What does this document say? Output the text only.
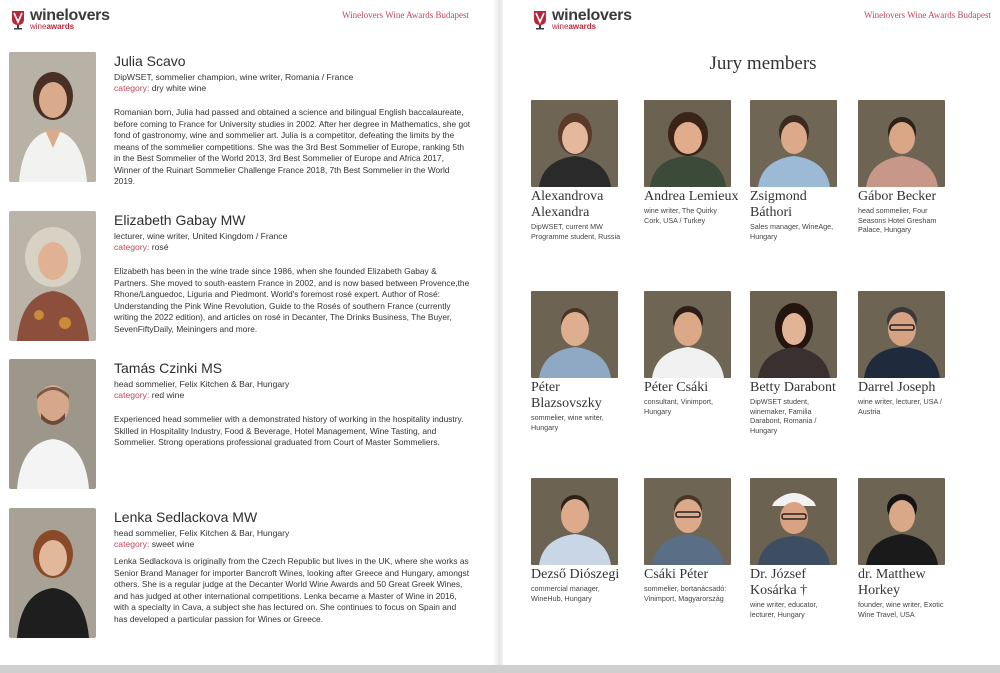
winelovers
wineawards
Winelovers Wine Awards Budapest
Julia Scavo
DipWSET, sommelier champion, wine writer, Romania / France
category: dry white wine
Romanian born, Julia had passed and obtained a science and bilingual English baccalaureate, before coming to France for University studies in 2002. After her degree in Mathematics, she got fond of gastronomy, wine and sommelier art. Julia is a competitor, defeating the limits by the means of the sommelier competitions. She was the 3rd Best Sommelier of Europe, ranking 5th in the Best Sommelier of the World 2013, 3rd Best Sommelier of Europe and Africa 2017, Winner of the Ruinart Sommelier Challenge France 2018, 7th Best Sommelier in the World 2019.
Elizabeth Gabay MW
lecturer, wine writer, United Kingdom / France
category: rosé
Elizabeth has been in the wine trade since 1986, when she founded Elizabeth Gabay & Partners. She moved to south-eastern France in 2002, and is now based between Provence,the Rhone/Languedoc, Liguria and Piedmont. World's foremost rosé expert. Author of Rosé: Understanding the Pink Wine Revolution, Guide to the Rosés of southern France (currently writing the 2022 edition), and articles on rosé in Decanter, The Drinks Business, The Buyer, SevenFiftyDaily, Meiningers and more.
Tamás Czinki MS
head sommelier, Felix Kitchen & Bar, Hungary
category: red wine
Experienced head sommelier with a demonstrated history of working in the hospitality industry. Skilled in Hospitality Industry, Food & Beverage, Hotel Management, Wine Tasting, and Sommelier. Strong operations professional graduated from Court of Master Sommeliers.
Lenka Sedlackova MW
head sommelier, Felix Kitchen & Bar, Hungary
category: sweet wine
Lenka Sedlackova is originally from the Czech Republic but lives in the UK, where she works as Senior Brand Manager for importer Bancroft Wines, looking after Greece and Hungary, amongst others. She is a regular judge at the Decanter World Wine Awards and 50 Great Greek Wines, and has judged at other international competitions. Lenka became a Master of Wine in 2016, with a specialty in Cava, a subject she has lectured on. She continues to focus on Spain and has developed a particular passion for Wines or Greece.
winelovers
wineawards
Winelovers Wine Awards Budapest
Jury members
Alexandrova Alexandra
DipWSET, current MW Programme student, Russia
Andrea Lemieux
wine writer, The Quirky Cork, USA / Turkey
Zsigmond Báthori
Sales manager, WineAge, Hungary
Gábor Becker
head sommelier, Four Seasons Hotel Gresham Palace, Hungary
Péter Blazsovszky
sommelier, wine writer, Hungary
Péter Csáki
consultant, Vinimport, Hungary
Betty Darabont
DipWSET student, winemaker, Familia Darabont, Romania / Hungary
Darrel Joseph
wine writer, lecturer, USA / Austria
Dezső Diószegi
commercial manager, WineHub, Hungary
Csáki Péter
sommelier, bortanácsadó: Vinimport, Magyarország
Dr. József Kosárka †
wine writer, educator, lecturer, Hungary
dr. Matthew Horkey
founder, wine writer, Exotic Wine Travel, USA
